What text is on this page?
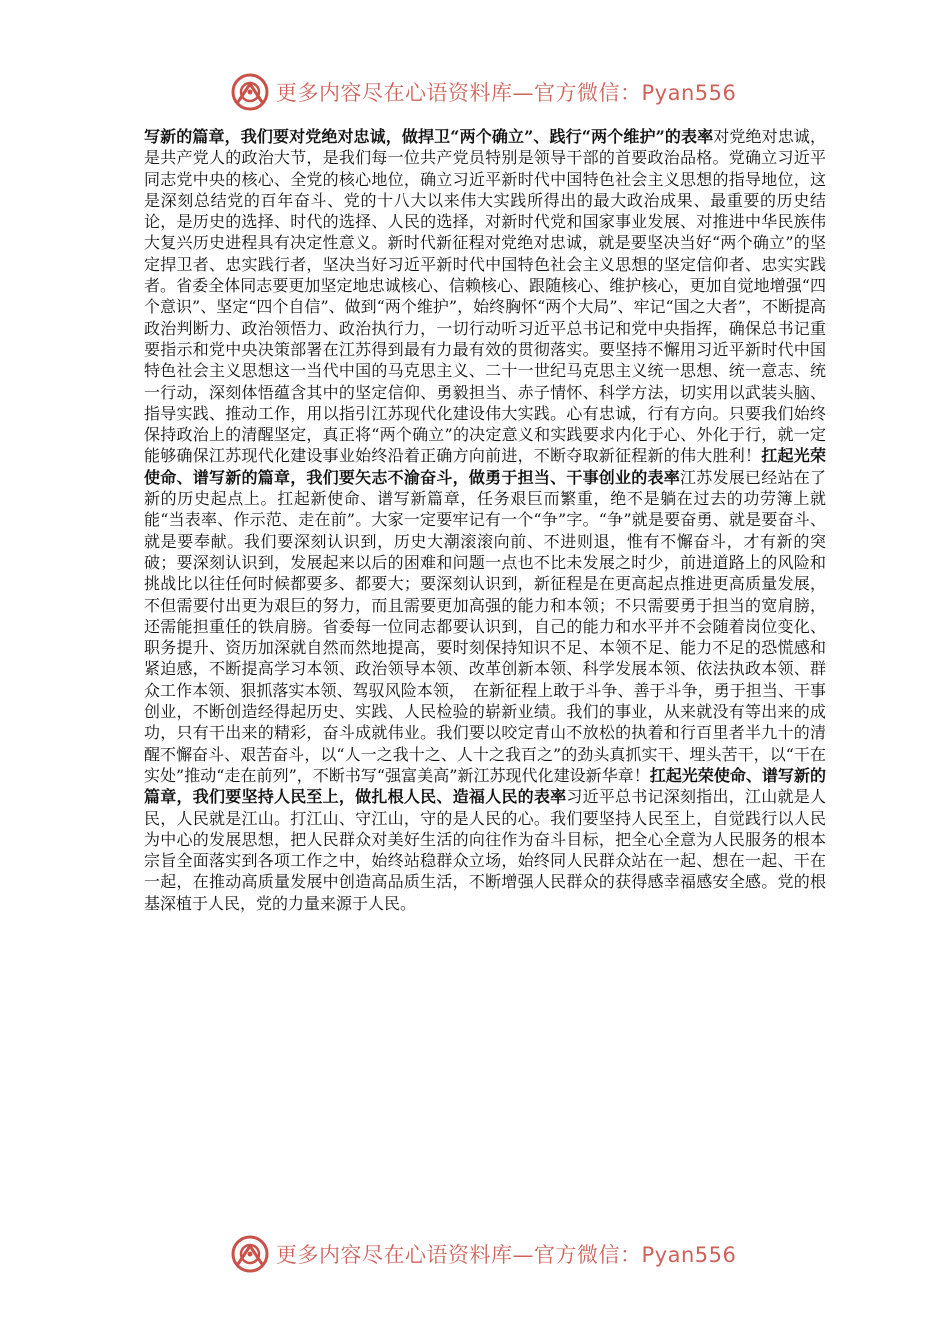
更多内容尽在心语资料库—官方微信：Pyan556
写新的篇章，我们要对党绝对忠诚，做捍卫“两个确立”、践行“两个维护”的表率对党绝对忠诚，是共产党人的政治大节，是我们每一位共产党员特别是领导干部的首要政治品格。党确立习近平同志党中央的核心、全党的核心地位，确立习近平新时代中国特色社会主义思想的指导地位，这是深刻总结党的百年奋斗、党的十八大以来伟大实践所得出的最大政治成果、最重要的历史结论，是历史的选择、时代的选择、人民的选择，对新时代党和国家事业发展、对推进中华民族伟大复兴历史进程具有决定性意义。新时代新征程对党绝对忠诚，就是要坚决当好“两个确立”的坚定捍卫者、忠实践行者，坚决当好习近平新时代中国特色社会主义思想的坚定信仰者、忠实实践者。省委全体同志要更加坚定地忠诚核心、信赖核心、跟随核心、维护核心，更加自觉地增强“四个意识”、坚定“四个自信”、做到“两个维护”，始终胸怀“两个大局”、牢记“国之大者”，不断提高政治判断力、政治领悟力、政治执行力，一切行动听习近平总书记和党中央指挥，确保总书记重要指示和党中央决策部署在江苏得到最有力最有效的贯彻落实。要坚持不懈用习近平新时代中国特色社会主义思想这一当代中国的马克思主义、二十一世纪马克思主义统一思想、统一意志、统一行动，深刻体悟蕴含其中的坚定信仰、勇毅担当、赤子情怀、科学方法，切实用以武装头脑、指导实践、推动工作，用以指引江苏现代化建设伟大实践。心有忠诚，行有方向。只要我们始终保持政治上的清醒坚定，真正将“两个确立”的决定意义和实践要求内化于心、外化于行，就一定能够确保江苏现代化建设事业始终沿着正确方向前进，不断夺取新征程新的伟大胜利！扛起光荣使命、谱写新的篇章，我们要矢志不渝奋斗，做勇于担当、干事创业的表率江苏发展已经站在了新的历史起点上。扛起新使命、谱写新篇章，任务艰巨而繁重，绝不是躺在过去的功劳簿上就能“当表率、作示范、走在前”。大家一定要牢记有一个“争”字。“争”就是要奋勇、就是要奋斗、就是要奉献。我们要深刻认识到，历史大潮滚滚向前、不进则退，惟有不懈奋斗，才有新的突破；要深刻认识到，发展起来以后的困难和问题一点也不比未发展之时少，前进道路上的风险和挑战比以往任何时候都要多、都要大；要深刻认识到，新征程是在更高起点推进更高质量发展，不但需要付出更为艰巨的努力，而且需要更加高强的能力和本领；不只需要勇于担当的宽肩膀，还需能担重任的铁肩膀。省委每一位同志都要认识到，自己的能力和水平并不会随着岗位变化、职务提升、资历加深就自然而然地提高，要时刻保持知识不足、本领不足、能力不足的恐慌感和紧迫感，不断提高学习本领、政治领导本领、改革创新本领、科学发展本领、依法执政本领、群众工作本领、狠抓落实本领、驾驭风险本领，　在新征程上敢于斗争、善于斗争，勇于担当、干事创业，不断创造经得起历史、实践、人民检验的崭新业绩。我们的事业，从来就没有等出来的成功，只有干出来的精彩，奋斗成就伟业。我们要以咬定青山不放松的执着和行百里者半九十的清醒不懈奋斗、艰苦奋斗，以“人一之我十之、人十之我百之”的劲头真抓实干、埋头苦干，以“干在实处”推动“走在前列”，不断书写“强富美高”新江苏现代化建设新华章！扛起光荣使命、谱写新的篇章，我们要坚持人民至上，做扎根人民、造福人民的表率习近平总书记深刻指出，江山就是人民，人民就是江山。打江山、守江山，守的是人民的心。我们要坚持人民至上，自觉践行以人民为中心的发展思想，把人民群众对美好生活的向往作为奋斗目标，把全心全意为人民服务的根本宗旨全面落实到各项工作之中，始终站稳群众立场，始终同人民群众站在一起、想在一起、干在一起，在推动高质量发展中创造高品质生活，不断增强人民群众的获得感幸福感安全感。党的根基深植于人民，党的力量来源于人民。
更多内容尽在心语资料库—官方微信：Pyan556
